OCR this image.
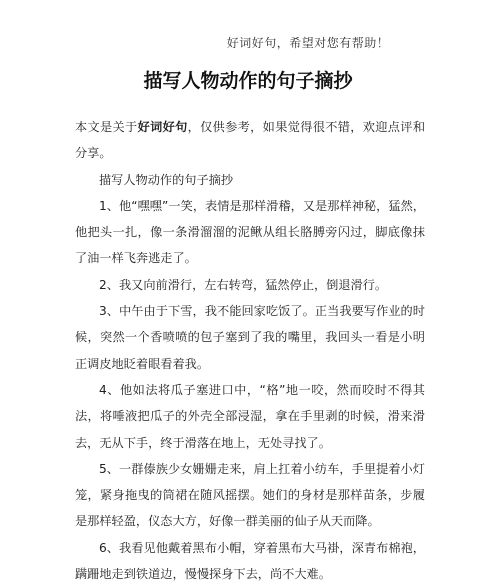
好词好句，希望对您有帮助！
描写人物动作的句子摘抄

本文是关于好词好句，仅供参考，如果觉得很不错，欢迎点评和分享。

描写人物动作的句子摘抄

1、他“嘿嘿”一笑，表情是那样滑稽，又是那样神秘，猛然，他把头一扎，像一条滑溜溜的泥鳅从组长胳膊旁闪过，脚底像抹了油一样飞奔逃走了。

2、我又向前滑行，左右转弯，猛然停止，倒退滑行。

3、中午由于下雪，我不能回家吃饭了。正当我要写作业的时候，突然一个香喷喷的包子塞到了我的嘴里，我回头一看是小明正调皮地眨着眼看着我。

4、他如法将瓜子塞进口中，“格”地一咬，然而咬时不得其法，将唾液把瓜子的外壳全部浸湿，拿在手里剥的时候，滑来滑去，无从下手，终于滑落在地上，无处寻找了。

5、一群傣族少女姗姗走来，肩上扛着小纺车，手里提着小灯笼，紧身拖曳的筒裙在随风摇摆。她们的身材是那样苗条，步履是那样轻盈，仪态大方，好像一群美丽的仙子从天而降。

6、我看见他戴着黑布小帽，穿着黑布大马褂，深青布棉袍，蹒跚地走到铁道边，慢慢探身下去，尚不大难。
